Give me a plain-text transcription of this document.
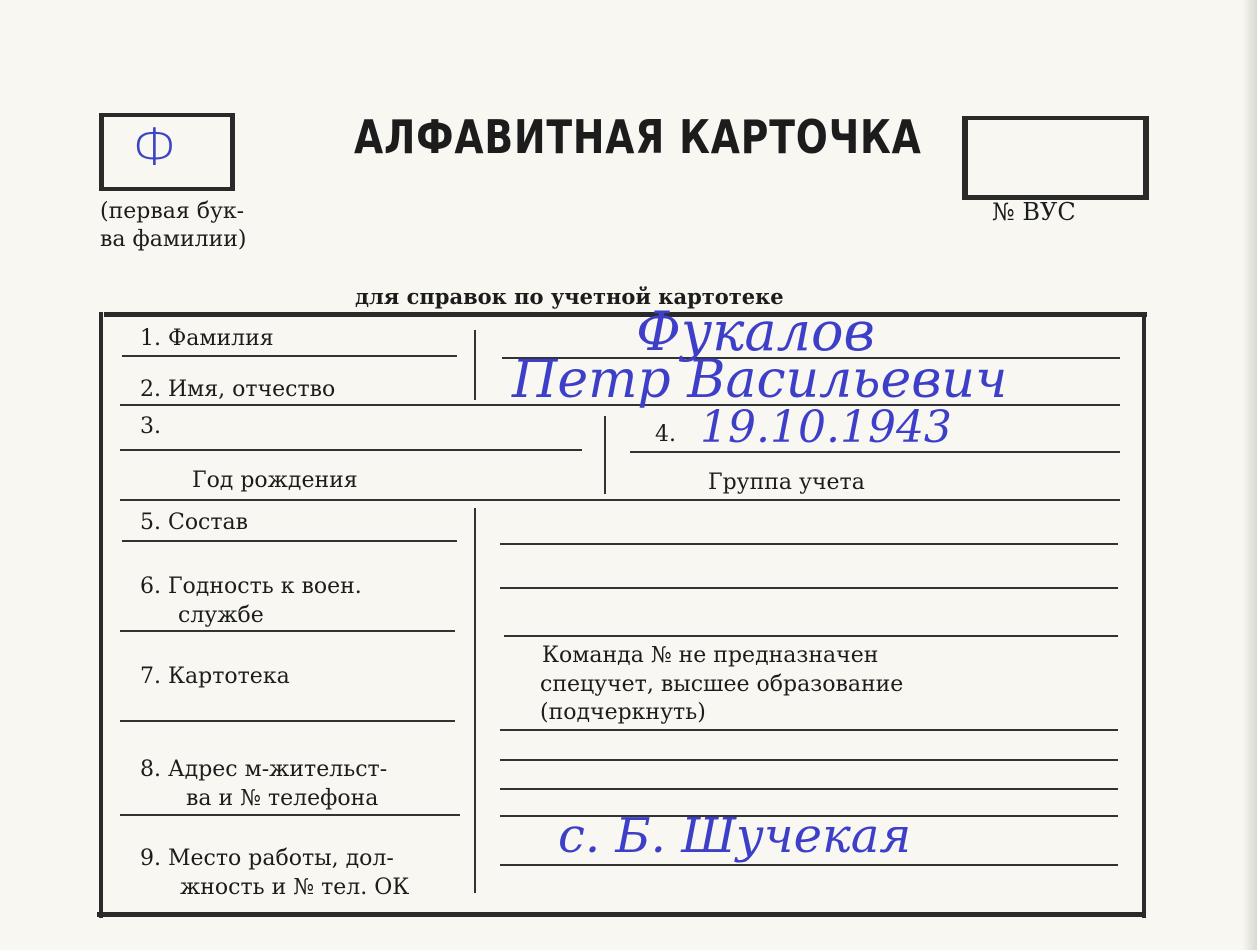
Ф
(первая бук-
ва фамилии)
АЛФАВИТНАЯ КАРТОЧКА
№ ВУС
для справок по учетной картотеке
1. Фамилия
2. Имя, отчество
Фукалов
Петр Васильевич
3.
Год рождения
4.
Группа учета
19.10.1943
5. Состав
6. Годность к воен.
службе
7. Картотека
Команда № не предназначен
спецучет, высшее образование
(подчеркнуть)
8. Адрес м-жительст-
ва и № телефона
9. Место работы, дол-
жность и № тел. ОК
с. Б. Шучекая
